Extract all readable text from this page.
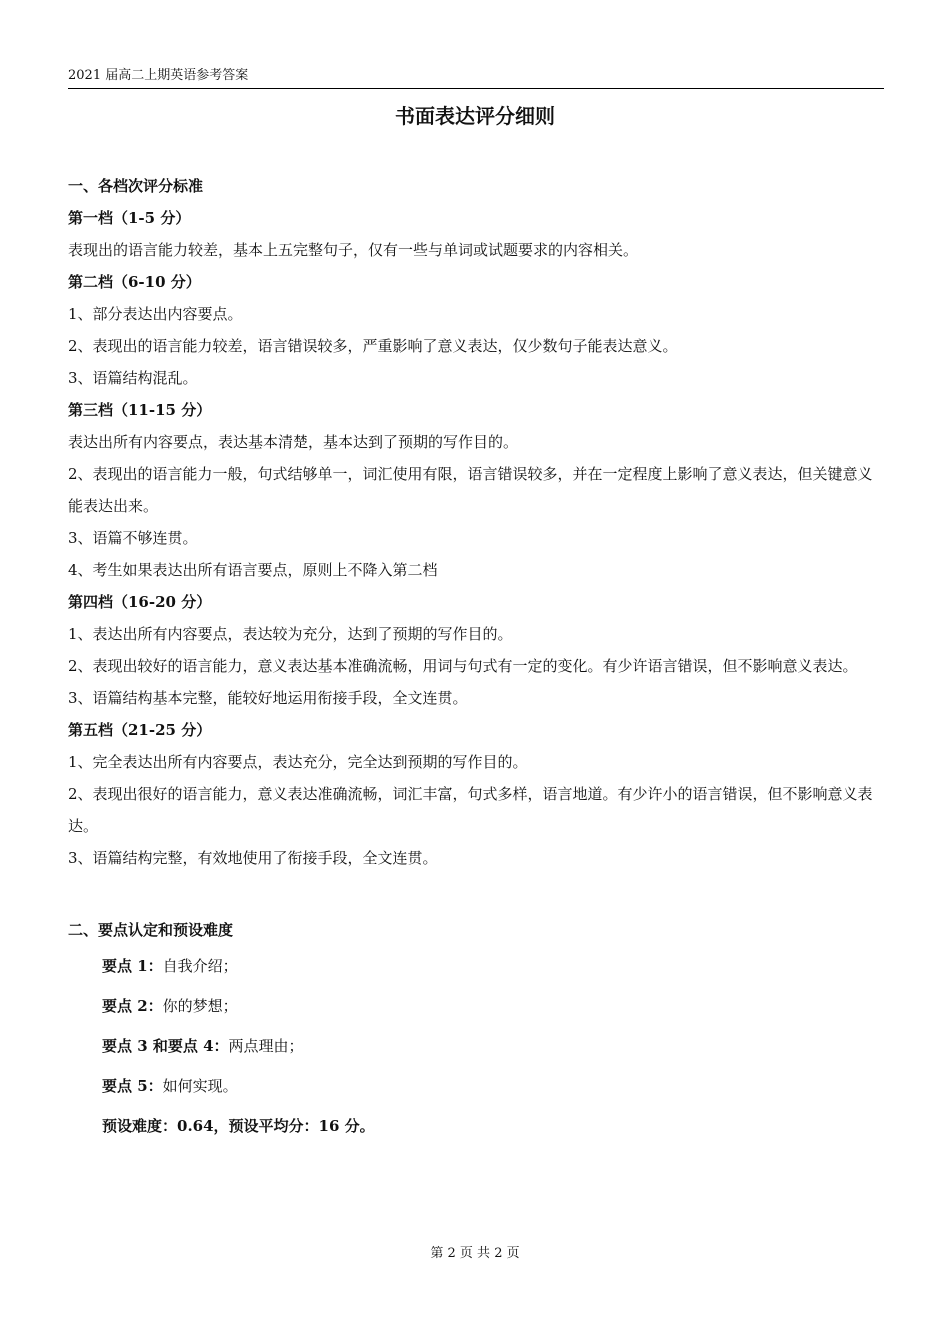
2021 届高二上期英语参考答案
书面表达评分细则

一、各档次评分标准

第一档（1-5 分）

表现出的语言能力较差，基本上五完整句子，仅有一些与单词或试题要求的内容相关。

第二档（6-10 分）

1、部分表达出内容要点。

2、表现出的语言能力较差，语言错误较多，严重影响了意义表达，仅少数句子能表达意义。

3、语篇结构混乱。

第三档（11-15 分）

表达出所有内容要点，表达基本清楚，基本达到了预期的写作目的。

2、表现出的语言能力一般，句式结够单一，词汇使用有限，语言错误较多，并在一定程度上影响了意义表达，但关键意义能表达出来。

3、语篇不够连贯。

4、考生如果表达出所有语言要点，原则上不降入第二档

第四档（16-20 分）

1、表达出所有内容要点，表达较为充分，达到了预期的写作目的。

2、表现出较好的语言能力，意义表达基本准确流畅，用词与句式有一定的变化。有少许语言错误，但不影响意义表达。

3、语篇结构基本完整，能较好地运用衔接手段，全文连贯。

第五档（21-25 分）

1、完全表达出所有内容要点，表达充分，完全达到预期的写作目的。

2、表现出很好的语言能力，意义表达准确流畅，词汇丰富，句式多样，语言地道。有少许小的语言错误，但不影响意义表达。

3、语篇结构完整，有效地使用了衔接手段，全文连贯。

二、要点认定和预设难度

要点 1：自我介绍；

要点 2：你的梦想；

要点 3 和要点 4：两点理由；

要点 5：如何实现。

预设难度：0.64，预设平均分：16 分。

第 2 页 共 2 页
